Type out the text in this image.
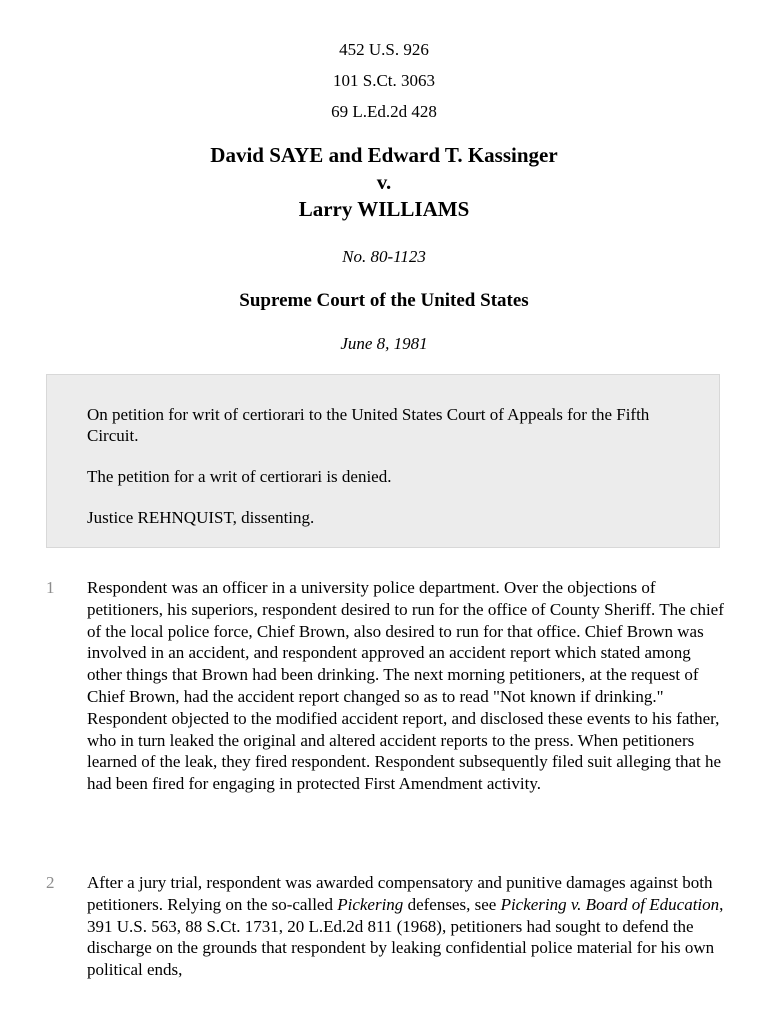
452 U.S. 926
101 S.Ct. 3063
69 L.Ed.2d 428
David SAYE and Edward T. Kassinger
v.
Larry WILLIAMS
No. 80-1123
Supreme Court of the United States
June 8, 1981

On petition for writ of certiorari to the United States Court of Appeals for the Fifth Circuit.

The petition for a writ of certiorari is denied.

Justice REHNQUIST, dissenting.

1	Respondent was an officer in a university police department. Over the objections of petitioners, his superiors, respondent desired to run for the office of County Sheriff. The chief of the local police force, Chief Brown, also desired to run for that office. Chief Brown was involved in an accident, and respondent approved an accident report which stated among other things that Brown had been drinking. The next morning petitioners, at the request of Chief Brown, had the accident report changed so as to read "Not known if drinking." Respondent objected to the modified accident report, and disclosed these events to his father, who in turn leaked the original and altered accident reports to the press. When petitioners learned of the leak, they fired respondent. Respondent subsequently filed suit alleging that he had been fired for engaging in protected First Amendment activity.
2	After a jury trial, respondent was awarded compensatory and punitive damages against both petitioners. Relying on the so-called Pickering defenses, see Pickering v. Board of Education, 391 U.S. 563, 88 S.Ct. 1731, 20 L.Ed.2d 811 (1968), petitioners had sought to defend the discharge on the grounds that respondent by leaking confidential police material for his own political ends,
